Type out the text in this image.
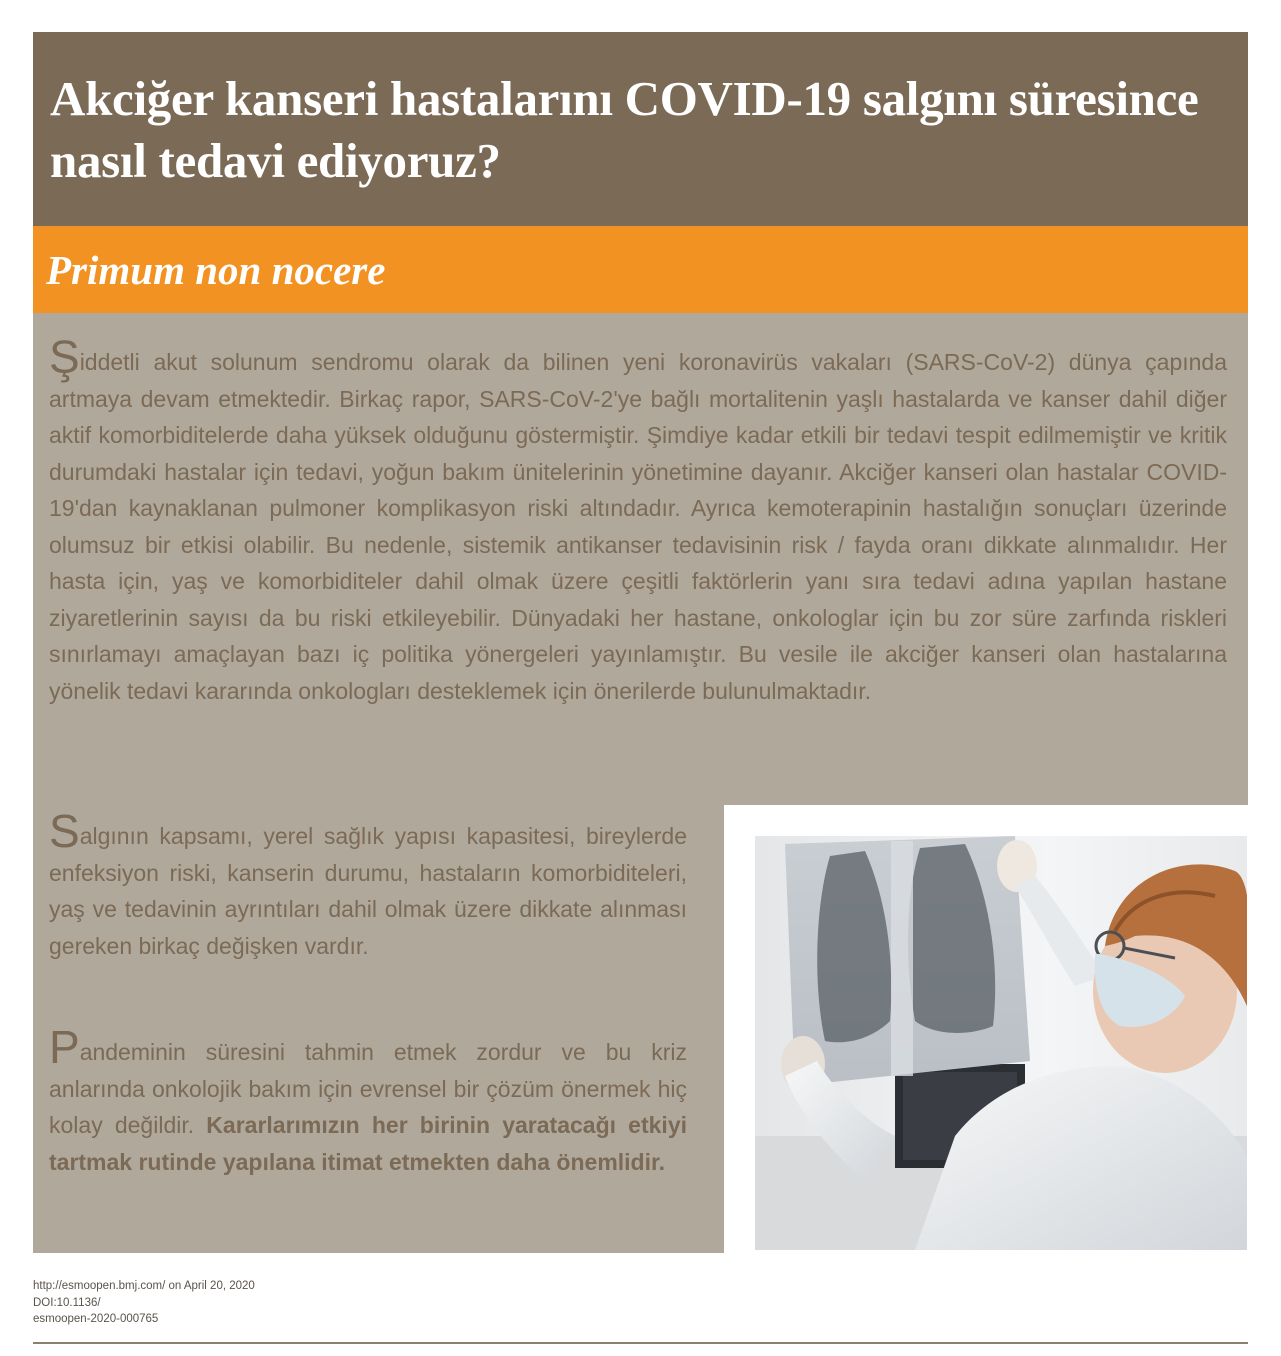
Akciğer kanseri hastalarını COVID-19 salgını süresince nasıl tedavi ediyoruz?
Primum non nocere

Şiddetli akut solunum sendromu olarak da bilinen yeni koronavirüs vakaları (SARS-CoV-2) dünya çapında artmaya devam etmektedir. Birkaç rapor, SARS-CoV-2'ye bağlı mortalitenin yaşlı hastalarda ve kanser dahil diğer aktif komorbiditelerde daha yüksek olduğunu göstermiştir. Şimdiye kadar etkili bir tedavi tespit edilmemiştir ve kritik durumdaki hastalar için tedavi, yoğun bakım ünitelerinin yönetimine dayanır. Akciğer kanseri olan hastalar COVID-19'dan kaynaklanan pulmoner komplikasyon riski altındadır. Ayrıca kemoterapinin hastalığın sonuçları üzerinde olumsuz bir etkisi olabilir. Bu nedenle, sistemik antikanser tedavisinin risk / fayda oranı dikkate alınmalıdır. Her hasta için, yaş ve komorbiditeler dahil olmak üzere çeşitli faktörlerin yanı sıra tedavi adına yapılan hastane ziyaretlerinin sayısı da bu riski etkileyebilir. Dünyadaki her hastane, onkologlar için bu zor süre zarfında riskleri sınırlamayı amaçlayan bazı iç politika yönergeleri yayınlamıştır. Bu vesile ile akciğer kanseri olan hastalarına yönelik tedavi kararında onkologları desteklemek için önerilerde bulunulmaktadır.

Salgının kapsamı, yerel sağlık yapısı kapasitesi, bireylerde enfeksiyon riski, kanserin durumu, hastaların komorbiditeleri, yaş ve tedavinin ayrıntıları dahil olmak üzere dikkate alınması gereken birkaç değişken vardır.

Pandeminin süresini tahmin etmek zordur ve bu kriz anlarında onkolojik bakım için evrensel bir çözüm önermek hiç kolay değildir. Kararlarımızın her birinin yaratacağı etkiyi tartmak rutinde yapılana itimat etmekten daha önemlidir.

http://esmoopen.bmj.com/ on April 20, 2020
DOI:10.1136/
esmoopen-2020-000765
